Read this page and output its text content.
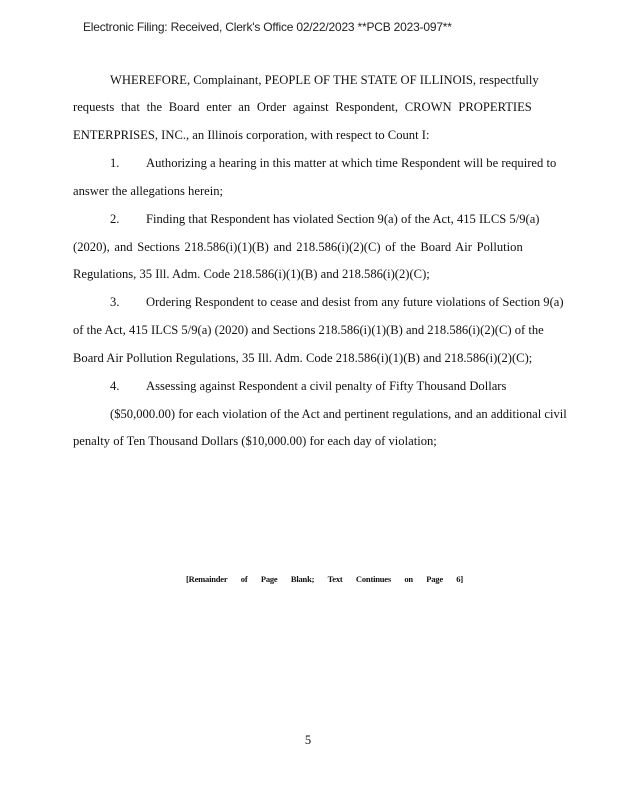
Electronic Filing: Received, Clerk's Office 02/22/2023 **PCB 2023-097**
WHEREFORE, Complainant, PEOPLE OF THE STATE OF ILLINOIS, respectfully
requests that the Board enter an Order against Respondent, CROWN PROPERTIES
ENTERPRISES, INC., an Illinois corporation, with respect to Count I:
1. Authorizing a hearing in this matter at which time Respondent will be required to
answer the allegations herein;
2. Finding that Respondent has violated Section 9(a) of the Act, 415 ILCS 5/9(a)
(2020), and Sections 218.586(i)(1)(B) and 218.586(i)(2)(C) of the Board Air Pollution
Regulations, 35 Ill. Adm. Code 218.586(i)(1)(B) and 218.586(i)(2)(C);
3. Ordering Respondent to cease and desist from any future violations of Section 9(a)
of the Act, 415 ILCS 5/9(a) (2020) and Sections 218.586(i)(1)(B) and 218.586(i)(2)(C) of the
Board Air Pollution Regulations, 35 Ill. Adm. Code 218.586(i)(1)(B) and 218.586(i)(2)(C);
4. Assessing against Respondent a civil penalty of Fifty Thousand Dollars
($50,000.00) for each violation of the Act and pertinent regulations, and an additional civil
penalty of Ten Thousand Dollars ($10,000.00) for each day of violation;
[Remainder of Page Blank; Text Continues on Page 6]
5
